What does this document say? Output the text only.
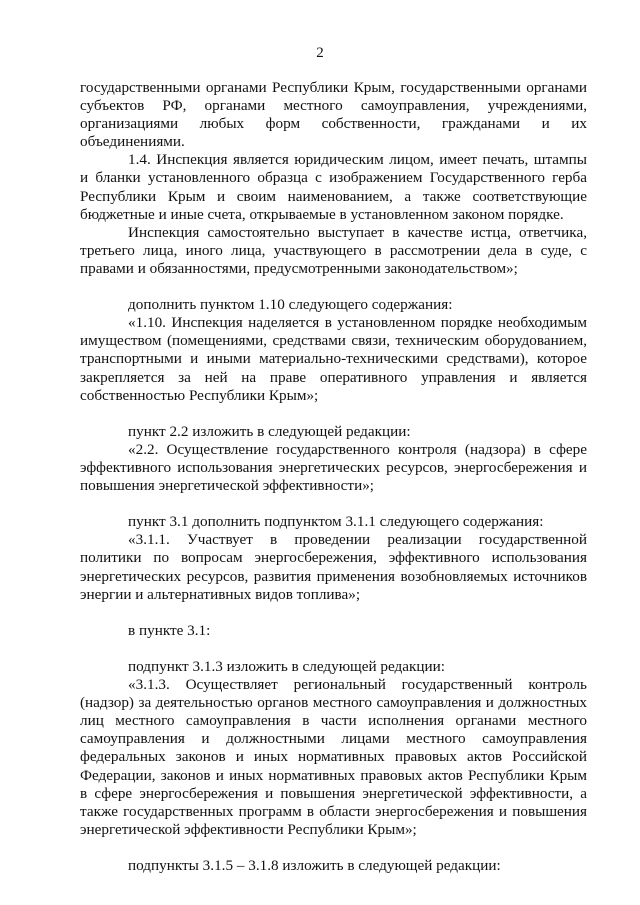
2
государственными органами Республики Крым, государственными органами
субъектов РФ, органами местного самоуправления, учреждениями,
организациями любых форм собственности, гражданами и их
объединениями.
1.4. Инспекция является юридическим лицом, имеет печать, штампы
и бланки установленного образца с изображением Государственного герба
Республики Крым и своим наименованием, а также соответствующие
бюджетные и иные счета, открываемые в установленном законом порядке.
Инспекция самостоятельно выступает в качестве истца, ответчика,
третьего лица, иного лица, участвующего в рассмотрении дела в суде, с
правами и обязанностями, предусмотренными законодательством»;
дополнить пунктом 1.10 следующего содержания:
«1.10. Инспекция наделяется в установленном порядке необходимым
имуществом (помещениями, средствами связи, техническим оборудованием,
транспортными и иными материально-техническими средствами), которое
закрепляется за ней на праве оперативного управления и является
собственностью Республики Крым»;
пункт 2.2 изложить в следующей редакции:
«2.2. Осуществление государственного контроля (надзора) в сфере
эффективного использования энергетических ресурсов, энергосбережения и
повышения энергетической эффективности»;
пункт 3.1 дополнить подпунктом 3.1.1 следующего содержания:
«3.1.1. Участвует в проведении реализации государственной
политики по вопросам энергосбережения, эффективного использования
энергетических ресурсов, развития применения возобновляемых источников
энергии и альтернативных видов топлива»;
в пункте 3.1:
подпункт 3.1.3 изложить в следующей редакции:
«3.1.3. Осуществляет региональный государственный контроль
(надзор) за деятельностью органов местного самоуправления и должностных
лиц местного самоуправления в части исполнения органами местного
самоуправления и должностными лицами местного самоуправления
федеральных законов и иных нормативных правовых актов Российской
Федерации, законов и иных нормативных правовых актов Республики Крым
в сфере энергосбережения и повышения энергетической эффективности, а
также государственных программ в области энергосбережения и повышения
энергетической эффективности Республики Крым»;
подпункты 3.1.5 – 3.1.8 изложить в следующей редакции:
